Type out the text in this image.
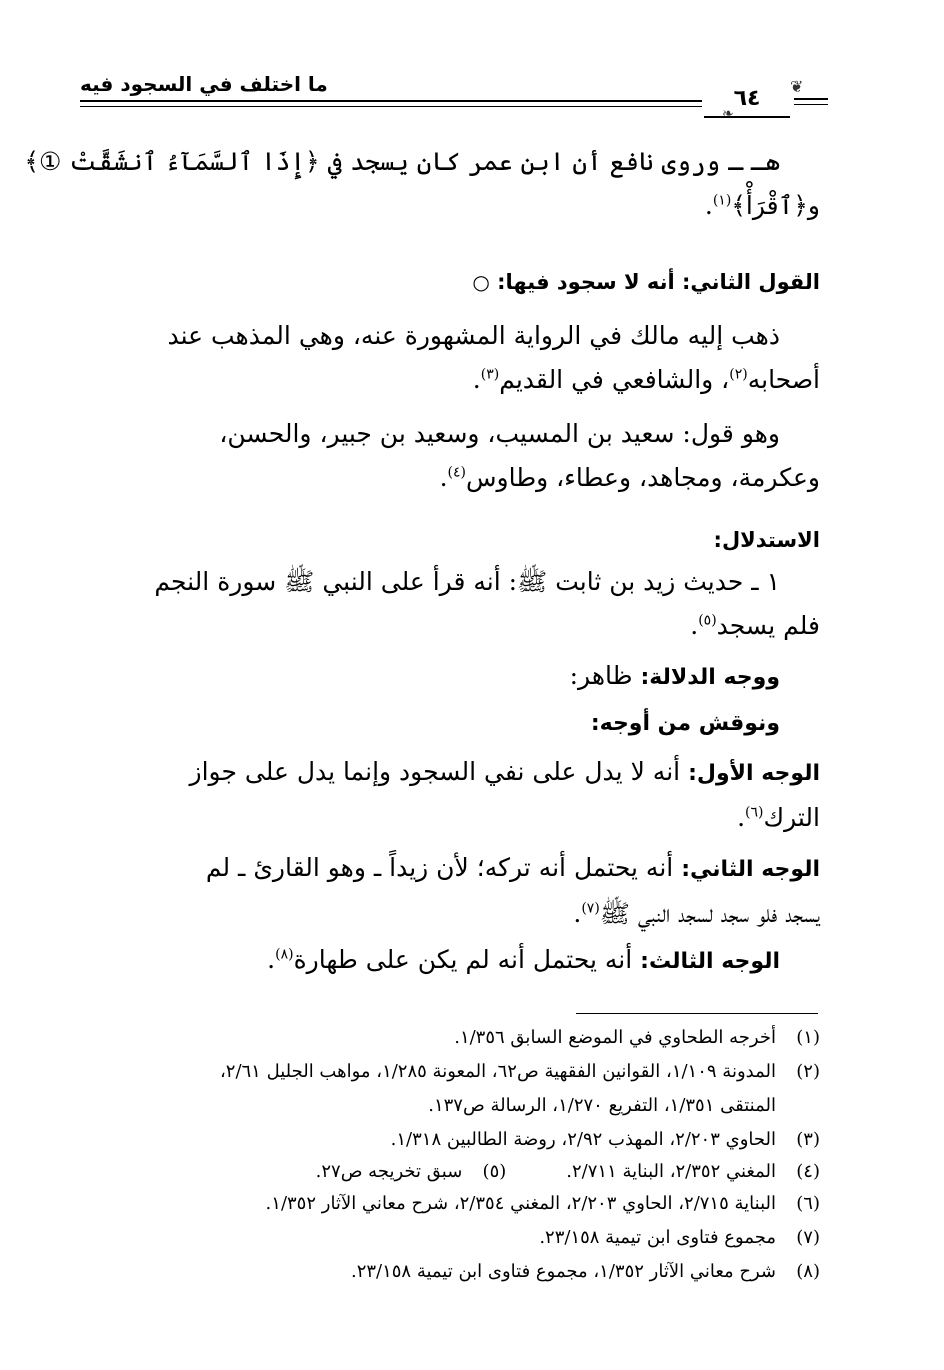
ما اختلف في السجود فيه
٦٤	❦
❧
هـ ـ وروى نافع أن ابن عمر كان يسجد في ﴿إِذَا ٱلسَّمَآءُ ٱنشَقَّتْ ①﴾
و﴿ٱقْرَأْ﴾$^{(١)}$.
القول الثاني: أنه لا سجود فيها: ○
ذهب إليه مالك في الرواية المشهورة عنه، وهي المذهب عند
أصحابه$^{(٢)}$، والشافعي في القديم$^{(٣)}$.
وهو قول: سعيد بن المسيب، وسعيد بن جبير، والحسن،
وعكرمة، ومجاهد، وعطاء، وطاوس$^{(٤)}$.
الاستدلال:
١ ـ حديث زيد بن ثابت ﷺ: أنه قرأ على النبي ﷺ سورة النجم
فلم يسجد$^{(٥)}$.
ووجه الدلالة: ظاهر:
ونوقش من أوجه:
الوجه الأول: أنه لا يدل على نفي السجود وإنما يدل على جواز
الترك$^{(٦)}$.
الوجه الثاني: أنه يحتمل أنه تركه؛ لأن زيداً ـ وهو القارئ ـ لم
يسجد فلو سجد لسجد النبي ﷺ$^{(٧)}$.
الوجه الثالث: أنه يحتمل أنه لم يكن على طهارة$^{(٨)}$.
(١)أخرجه الطحاوي في الموضع السابق ١/٣٥٦.
(٢)المدونة ١/١٠٩، القوانين الفقهية ص٦٢، المعونة ١/٢٨٥، مواهب الجليل ٢/٦١،
المنتقى ١/٣٥١، التفريع ١/٢٧٠، الرسالة ص١٣٧.
(٣)الحاوي ٢/٢٠٣، المهذب ٢/٩٢، روضة الطالبين ١/٣١٨.
(٤)المغني ٢/٣٥٢، البناية ٢/٧١١.(٥)سبق تخريجه ص٢٧.
(٦)البناية ٢/٧١٥، الحاوي ٢/٢٠٣، المغني ٢/٣٥٤، شرح معاني الآثار ١/٣٥٢.
(٧)مجموع فتاوى ابن تيمية ٢٣/١٥٨.
(٨)شرح معاني الآثار ١/٣٥٢، مجموع فتاوى ابن تيمية ٢٣/١٥٨.
